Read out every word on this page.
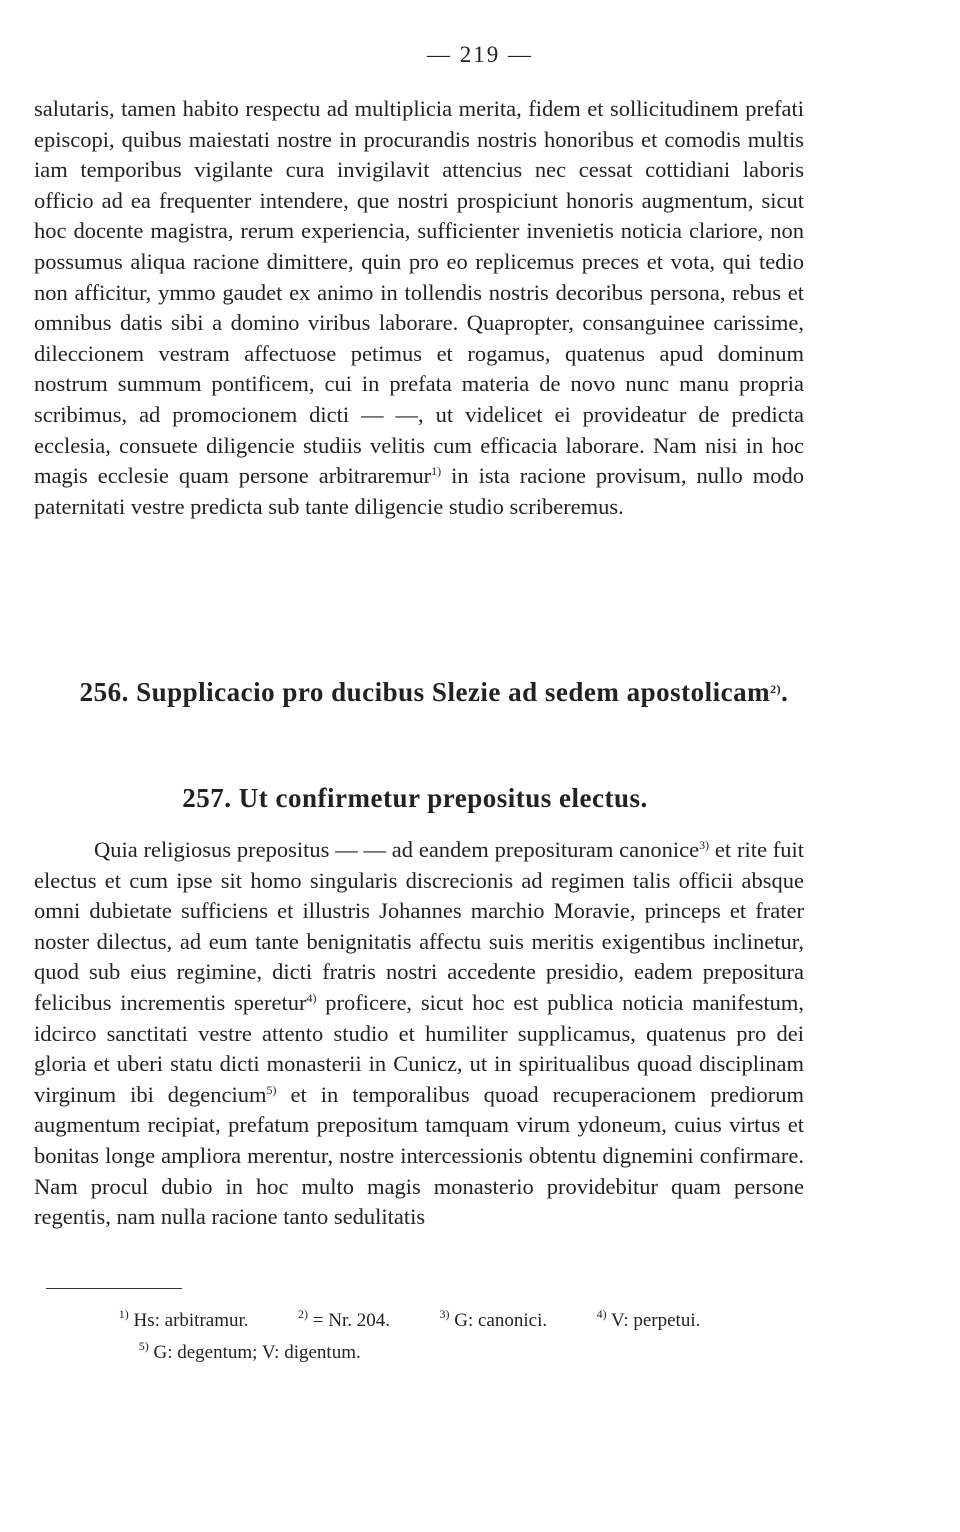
— 219 —

salutaris, tamen habito respectu ad multiplicia merita, fidem et sollicitudinem prefati episcopi, quibus maiestati nostre in procurandis nostris honoribus et comodis multis iam temporibus vigilante cura invigilavit attencius nec cessat cottidiani laboris officio ad ea frequenter intendere, que nostri prospiciunt honoris augmentum, sicut hoc docente magistra, rerum experiencia, sufficienter invenietis noticia clariore, non possumus aliqua racione dimittere, quin pro eo replicemus preces et vota, qui tedio non afficitur, ymmo gaudet ex animo in tollendis nostris decoribus persona, rebus et omnibus datis sibi a domino viribus laborare. Quapropter, consanguinee carissime, dileccionem vestram affectuose petimus et rogamus, quatenus apud dominum nostrum summum pontificem, cui in prefata materia de novo nunc manu propria scribimus, ad promocionem dicti — —, ut videlicet ei provideatur de predicta ecclesia, consuete diligencie studiis velitis cum efficacia laborare. Nam nisi in hoc magis ecclesie quam persone arbitraremur$^{1)}$ in ista racione provisum, nullo modo paternitati vestre predicta sub tante diligencie studio scriberemus.

256. Supplicacio pro ducibus Slezie ad sedem apostolicam$^{2)}$.
257. Ut confirmetur prepositus electus.

Quia religiosus prepositus — — ad eandem preposituram canonice$^{3)}$ et rite fuit electus et cum ipse sit homo singularis discrecionis ad regimen talis officii absque omni dubietate sufficiens et illustris Johannes marchio Moravie, princeps et frater noster dilectus, ad eum tante benignitatis affectu suis meritis exigentibus inclinetur, quod sub eius regimine, dicti fratris nostri accedente presidio, eadem prepositura felicibus incrementis speretur$^{4)}$ proficere, sicut hoc est publica noticia manifestum, idcirco sanctitati vestre attento studio et humiliter supplicamus, quatenus pro dei gloria et uberi statu dicti monasterii in Cunicz, ut in spiritualibus quoad disciplinam virginum ibi degencium$^{5)}$ et in temporalibus quoad recuperacionem prediorum augmentum recipiat, prefatum prepositum tamquam virum ydoneum, cuius virtus et bonitas longe ampliora merentur, nostre intercessionis obtentu dignemini confirmare. Nam procul dubio in hoc multo magis monasterio providebitur quam persone regentis, nam nulla racione tanto sedulitatis

$^{1)}$ Hs: arbitramur.	$^{2)}$ = Nr. 204.	$^{3)}$ G: canonici.	$^{4)}$ V: perpetui.
$^{5)}$ G: degentum; V: digentum.
